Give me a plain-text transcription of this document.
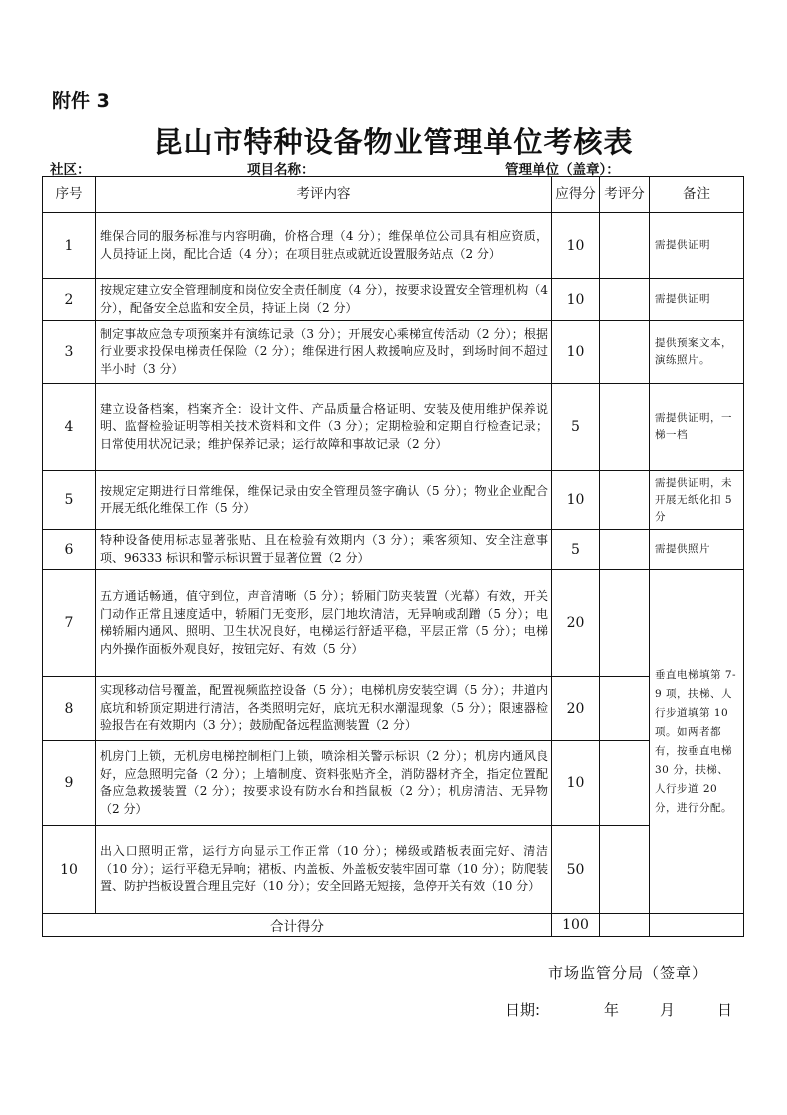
附件 3
昆山市特种设备物业管理单位考核表
社区：	项目名称：	管理单位（盖章）：
序号	考评内容	应得分	考评分	备注
1	维保合同的服务标准与内容明确，价格合理（4 分）；维保单位公司具有相应资质，人员持证上岗，配比合适（4 分）；在项目驻点或就近设置服务站点（2 分）	10		需提供证明
2	按规定建立安全管理制度和岗位安全责任制度（4 分），按要求设置安全管理机构（4 分），配备安全总监和安全员，持证上岗（2 分）	10		需提供证明
3	制定事故应急专项预案并有演练记录（3 分）；开展安心乘梯宣传活动（2 分）；根据行业要求投保电梯责任保险（2 分）；维保进行困人救援响应及时，到场时间不超过半小时（3 分）	10		提供预案文本，演练照片。
4	建立设备档案，档案齐全：设计文件、产品质量合格证明、安装及使用维护保养说明、监督检验证明等相关技术资料和文件（3 分）；定期检验和定期自行检查记录；日常使用状况记录；维护保养记录；运行故障和事故记录（2 分）	5		需提供证明，一梯一档
5	按规定定期进行日常维保，维保记录由安全管理员签字确认（5 分）；物业企业配合开展无纸化维保工作（5 分）	10		需提供证明，未开展无纸化扣 5 分
6	特种设备使用标志显著张贴、且在检验有效期内（3 分）；乘客须知、安全注意事项、96333 标识和警示标识置于显著位置（2 分）	5		需提供照片
7	五方通话畅通，值守到位，声音清晰（5 分）；轿厢门防夹装置（光幕）有效，开关门动作正常且速度适中，轿厢门无变形，层门地坎清洁，无异响或刮蹭（5 分）；电梯轿厢内通风、照明、卫生状况良好，电梯运行舒适平稳，平层正常（5 分）；电梯内外操作面板外观良好，按钮完好、有效（5 分）	20		垂直电梯填第 7-9 项，扶梯、人行步道填第 10 项。如两者都有，按垂直电梯 30 分，扶梯、人行步道 20 分，进行分配。
8	实现移动信号覆盖，配置视频监控设备（5 分）；电梯机房安装空调（5 分）；井道内底坑和轿顶定期进行清洁，各类照明完好，底坑无积水潮湿现象（5 分）；限速器检验报告在有效期内（3 分）；鼓励配备远程监测装置（2 分）	20		
9	机房门上锁，无机房电梯控制柜门上锁，喷涂相关警示标识（2 分）；机房内通风良好，应急照明完备（2 分）；上墙制度、资料张贴齐全，消防器材齐全，指定位置配备应急救援装置（2 分）；按要求设有防水台和挡鼠板（2 分）；机房清洁、无异物（2 分）	10		
10	出入口照明正常，运行方向显示工作正常（10 分）；梯级或踏板表面完好、清洁（10 分）；运行平稳无异响；裙板、内盖板、外盖板安装牢固可靠（10 分）；防爬装置、防护挡板设置合理且完好（10 分）；安全回路无短接，急停开关有效（10 分）	50		
合计得分		100		
市场监管分局（签章）
日期:	年	月	日
